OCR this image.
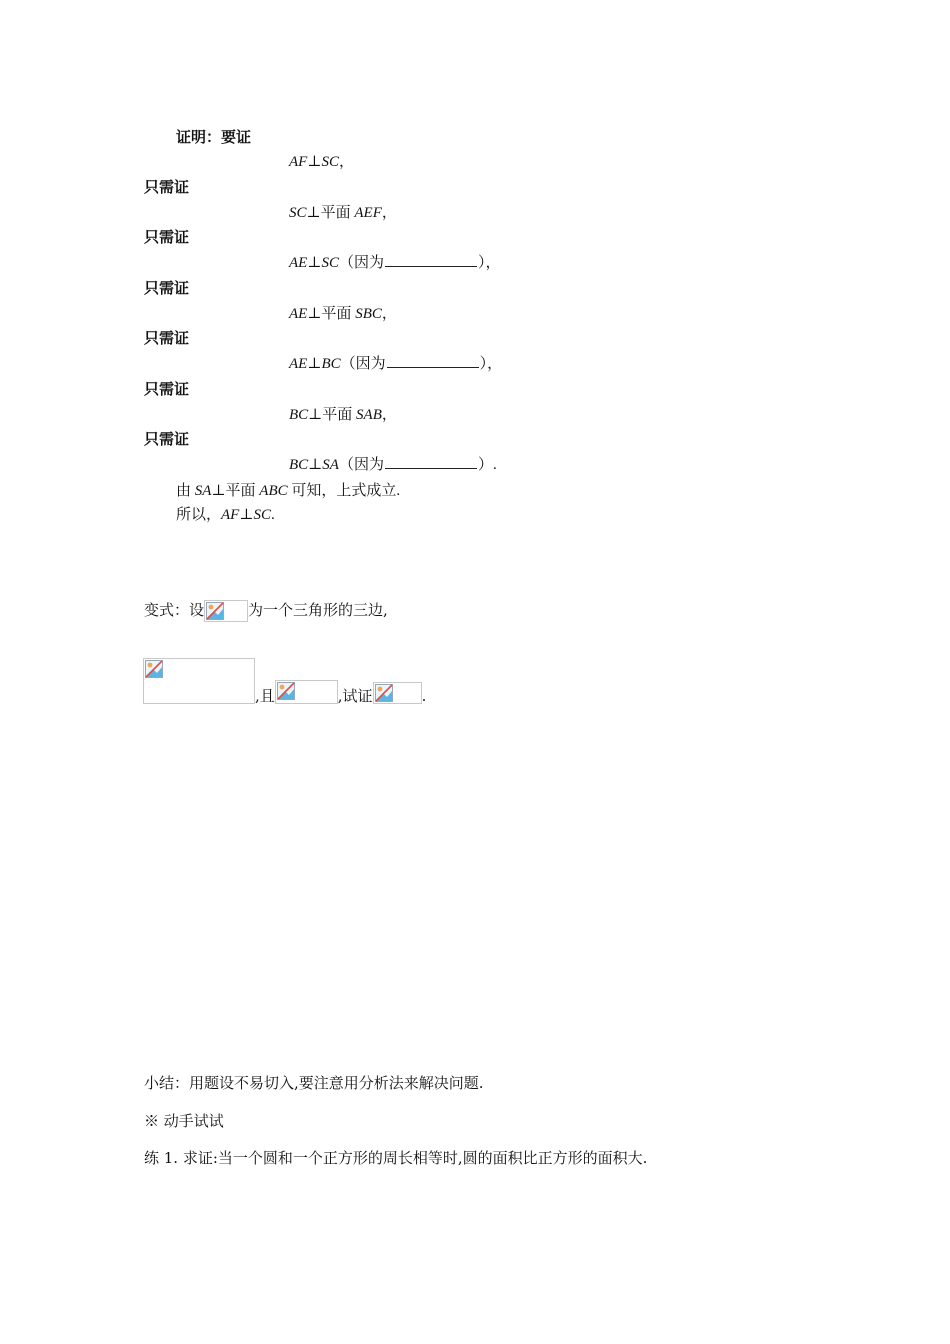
证明：要证
AF⊥SC，
只需证
SC⊥平面 AEF，
只需证
AE⊥SC（因为	），
只需证
AE⊥平面 SBC，
只需证
AE⊥BC（因为	），
只需证
BC⊥平面 SAB，
只需证
BC⊥SA（因为	）.
由 SA⊥平面 ABC 可知，上式成立.
所以，AF⊥SC.
变式：设	为一个三角形的三边,
,且	,试证	.
小结：用题设不易切入,要注意用分析法来解决问题.
※ 动手试试
练 1. 求证:当一个圆和一个正方形的周长相等时,圆的面积比正方形的面积大.
